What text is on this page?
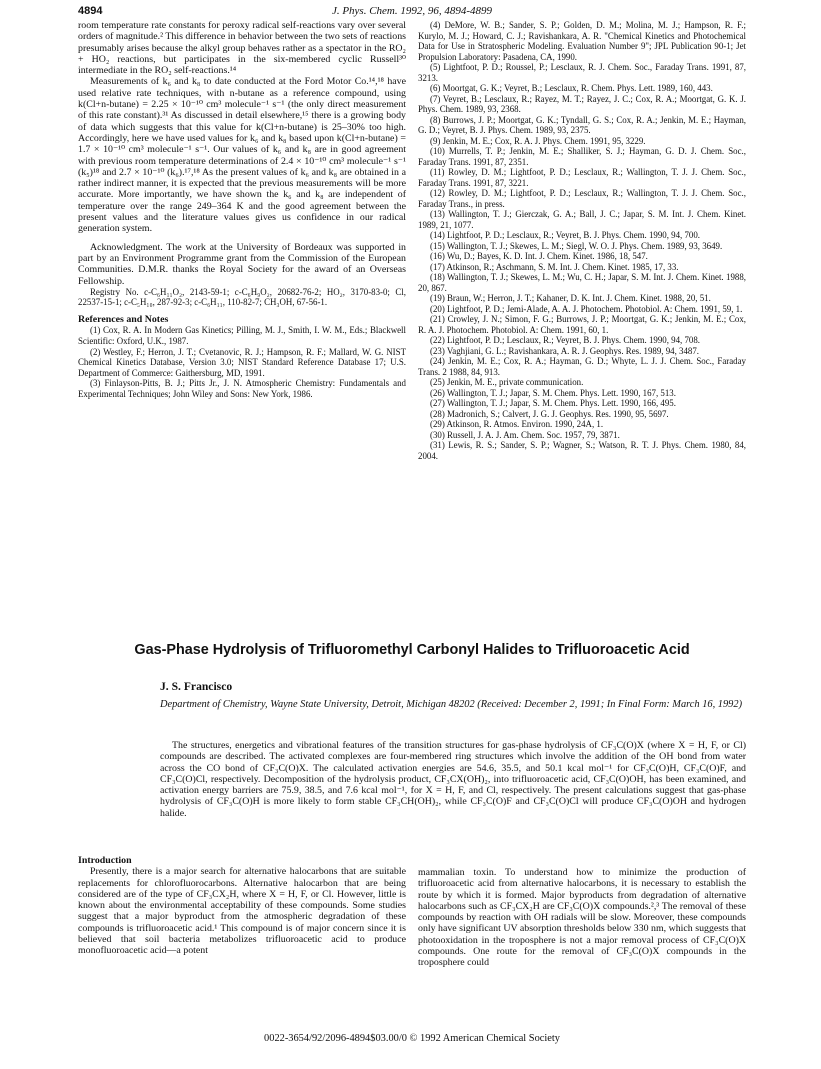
4894	J. Phys. Chem. 1992, 96, 4894-4899

room temperature rate constants for peroxy radical self-reactions vary over several orders of magnitude.² This difference in behavior between the two sets of reactions presumably arises because the alkyl group behaves rather as a spectator in the RO₂ + HO₂ reactions, but participates in the six-membered cyclic Russell³⁰ intermediate in the RO₂ self-reactions.¹⁴

Measurements of k₆ and k₈ to date conducted at the Ford Motor Co.¹⁴,¹⁸ have used relative rate techniques, with n-butane as a reference compound, using k(Cl+n-butane) = 2.25 × 10⁻¹⁰ cm³ molecule⁻¹ s⁻¹ (the only direct measurement of this rate constant).³¹ As discussed in detail elsewhere,¹⁵ there is a growing body of data which suggests that this value for k(Cl+n-butane) is 25–30% too high. Accordingly, here we have used values for k₆ and k₈ based upon k(Cl+n-butane) = 1.7 × 10⁻¹⁰ cm³ molecule⁻¹ s⁻¹. Our values of k₆ and k₈ are in good agreement with previous room temperature determinations of 2.4 × 10⁻¹⁰ cm³ molecule⁻¹ s⁻¹ (k₅)¹⁸ and 2.7 × 10⁻¹⁰ (k₆).¹⁷,¹⁸ As the present values of k₆ and k₈ are obtained in a rather indirect manner, it is expected that the previous measurements will be more accurate. More importantly, we have shown the k₆ and k₈ are independent of temperature over the range 249–364 K and the good agreement between the present values and the literature values gives us confidence in our radical generation system.

Acknowledgment. The work at the University of Bordeaux was supported in part by an Environment Programme grant from the Commission of the European Communities. D.M.R. thanks the Royal Society for the award of an Overseas Fellowship.

Registry No. c-C₆H₁₁O₂, 2143-59-1; c-C₆H₉O₂, 20682-76-2; HO₂, 3170-83-0; Cl, 22537-15-1; c-C₅H₁₀, 287-92-3; c-C₆H₁₁, 110-82-7; CH₃OH, 67-56-1.

References and Notes

(1) Cox, R. A. In Modern Gas Kinetics; Pilling, M. J., Smith, I. W. M., Eds.; Blackwell Scientific: Oxford, U.K., 1987.

(2) Westley, F.; Herron, J. T.; Cvetanovic, R. J.; Hampson, R. F.; Mallard, W. G. NIST Chemical Kinetics Database, Version 3.0; NIST Standard Reference Database 17; U.S. Department of Commerce: Gaithersburg, MD, 1991.

(3) Finlayson-Pitts, B. J.; Pitts Jr., J. N. Atmospheric Chemistry: Fundamentals and Experimental Techniques; John Wiley and Sons: New York, 1986.

(4) DeMore, W. B.; Sander, S. P.; Golden, D. M.; Molina, M. J.; Hampson, R. F.; Kurylo, M. J.; Howard, C. J.; Ravishankara, A. R. "Chemical Kinetics and Photochemical Data for Use in Stratospheric Modeling. Evaluation Number 9"; JPL Publication 90-1; Jet Propulsion Laboratory: Pasadena, CA, 1990.

(5) Lightfoot, P. D.; Roussel, P.; Lesclaux, R. J. Chem. Soc., Faraday Trans. 1991, 87, 3213.

(6) Moortgat, G. K.; Veyret, B.; Lesclaux, R. Chem. Phys. Lett. 1989, 160, 443.

(7) Veyret, B.; Lesclaux, R.; Rayez, M. T.; Rayez, J. C.; Cox, R. A.; Moortgat, G. K. J. Phys. Chem. 1989, 93, 2368.

(8) Burrows, J. P.; Moortgat, G. K.; Tyndall, G. S.; Cox, R. A.; Jenkin, M. E.; Hayman, G. D.; Veyret, B. J. Phys. Chem. 1989, 93, 2375.

(9) Jenkin, M. E.; Cox, R. A. J. Phys. Chem. 1991, 95, 3229.

(10) Murrells, T. P.; Jenkin, M. E.; Shalliker, S. J.; Hayman, G. D. J. Chem. Soc., Faraday Trans. 1991, 87, 2351.

(11) Rowley, D. M.; Lightfoot, P. D.; Lesclaux, R.; Wallington, T. J. J. Chem. Soc., Faraday Trans. 1991, 87, 3221.

(12) Rowley, D. M.; Lightfoot, P. D.; Lesclaux, R.; Wallington, T. J. J. Chem. Soc., Faraday Trans., in press.

(13) Wallington, T. J.; Gierczak, G. A.; Ball, J. C.; Japar, S. M. Int. J. Chem. Kinet. 1989, 21, 1077.

(14) Lightfoot, P. D.; Lesclaux, R.; Veyret, B. J. Phys. Chem. 1990, 94, 700.

(15) Wallington, T. J.; Skewes, L. M.; Siegl, W. O. J. Phys. Chem. 1989, 93, 3649.

(16) Wu, D.; Bayes, K. D. Int. J. Chem. Kinet. 1986, 18, 547.

(17) Atkinson, R.; Aschmann, S. M. Int. J. Chem. Kinet. 1985, 17, 33.

(18) Wallington, T. J.; Skewes, L. M.; Wu, C. H.; Japar, S. M. Int. J. Chem. Kinet. 1988, 20, 867.

(19) Braun, W.; Herron, J. T.; Kahaner, D. K. Int. J. Chem. Kinet. 1988, 20, 51.

(20) Lightfoot, P. D.; Jemi-Alade, A. A. J. Photochem. Photobiol. A: Chem. 1991, 59, 1.

(21) Crowley, J. N.; Simon, F. G.; Burrows, J. P.; Moortgat, G. K.; Jenkin, M. E.; Cox, R. A. J. Photochem. Photobiol. A: Chem. 1991, 60, 1.

(22) Lightfoot, P. D.; Lesclaux, R.; Veyret, B. J. Phys. Chem. 1990, 94, 708.

(23) Vaghjiani, G. L.; Ravishankara, A. R. J. Geophys. Res. 1989, 94, 3487.

(24) Jenkin, M. E.; Cox, R. A.; Hayman, G. D.; Whyte, L. J. J. Chem. Soc., Faraday Trans. 2 1988, 84, 913.

(25) Jenkin, M. E., private communication.

(26) Wallington, T. J.; Japar, S. M. Chem. Phys. Lett. 1990, 167, 513.

(27) Wallington, T. J.; Japar, S. M. Chem. Phys. Lett. 1990, 166, 495.

(28) Madronich, S.; Calvert, J. G. J. Geophys. Res. 1990, 95, 5697.

(29) Atkinson, R. Atmos. Environ. 1990, 24A, 1.

(30) Russell, J. A. J. Am. Chem. Soc. 1957, 79, 3871.

(31) Lewis, R. S.; Sander, S. P.; Wagner, S.; Watson, R. T. J. Phys. Chem. 1980, 84, 2004.

Gas-Phase Hydrolysis of Trifluoromethyl Carbonyl Halides to Trifluoroacetic Acid
J. S. Francisco
Department of Chemistry, Wayne State University, Detroit, Michigan 48202 (Received: December 2, 1991; In Final Form: March 16, 1992)
The structures, energetics and vibrational features of the transition structures for gas-phase hydrolysis of CF₃C(O)X (where X = H, F, or Cl) compounds are described. The activated complexes are four-membered ring structures which involve the addition of the OH bond from water across the CO bond of CF₃C(O)X. The calculated activation energies are 54.6, 35.5, and 50.1 kcal mol⁻¹ for CF₃C(O)H, CF₃C(O)F, and CF₃C(O)Cl, respectively. Decomposition of the hydrolysis product, CF₃CX(OH)₂, into trifluoroacetic acid, CF₃C(O)OH, has been examined, and activation energy barriers are 75.9, 38.5, and 7.6 kcal mol⁻¹, for X = H, F, and Cl, respectively. The present calculations suggest that gas-phase hydrolysis of CF₃C(O)H is more likely to form stable CF₃CH(OH)₂, while CF₃C(O)F and CF₃C(O)Cl will produce CF₃C(O)OH and hydrogen halide.
Introduction

Presently, there is a major search for alternative halocarbons that are suitable replacements for chlorofluorocarbons. Alternative halocarbon that are being considered are of the type of CF₃CX₂H, where X = H, F, or Cl. However, little is known about the environmental acceptability of these compounds. Some studies suggest that a major byproduct from the atmospheric degradation of these compounds is trifluoroacetic acid.¹ This compound is of major concern since it is believed that soil bacteria metabolizes trifluoroacetic acid to produce monofluoroacetic acid—a potent

mammalian toxin. To understand how to minimize the production of trifluoroacetic acid from alternative halocarbons, it is necessary to establish the route by which it is formed. Major byproducts from degradation of alternative halocarbons such as CF₃CX₂H are CF₃C(O)X compounds.²,³ The removal of these compounds by reaction with OH radials will be slow. Moreover, these compounds only have significant UV absorption thresholds below 330 nm, which suggests that photooxidation in the troposphere is not a major removal process of CF₃C(O)X compounds. One route for the removal of CF₃C(O)X compounds in the troposphere could

0022-3654/92/2096-4894$03.00/0 © 1992 American Chemical Society
